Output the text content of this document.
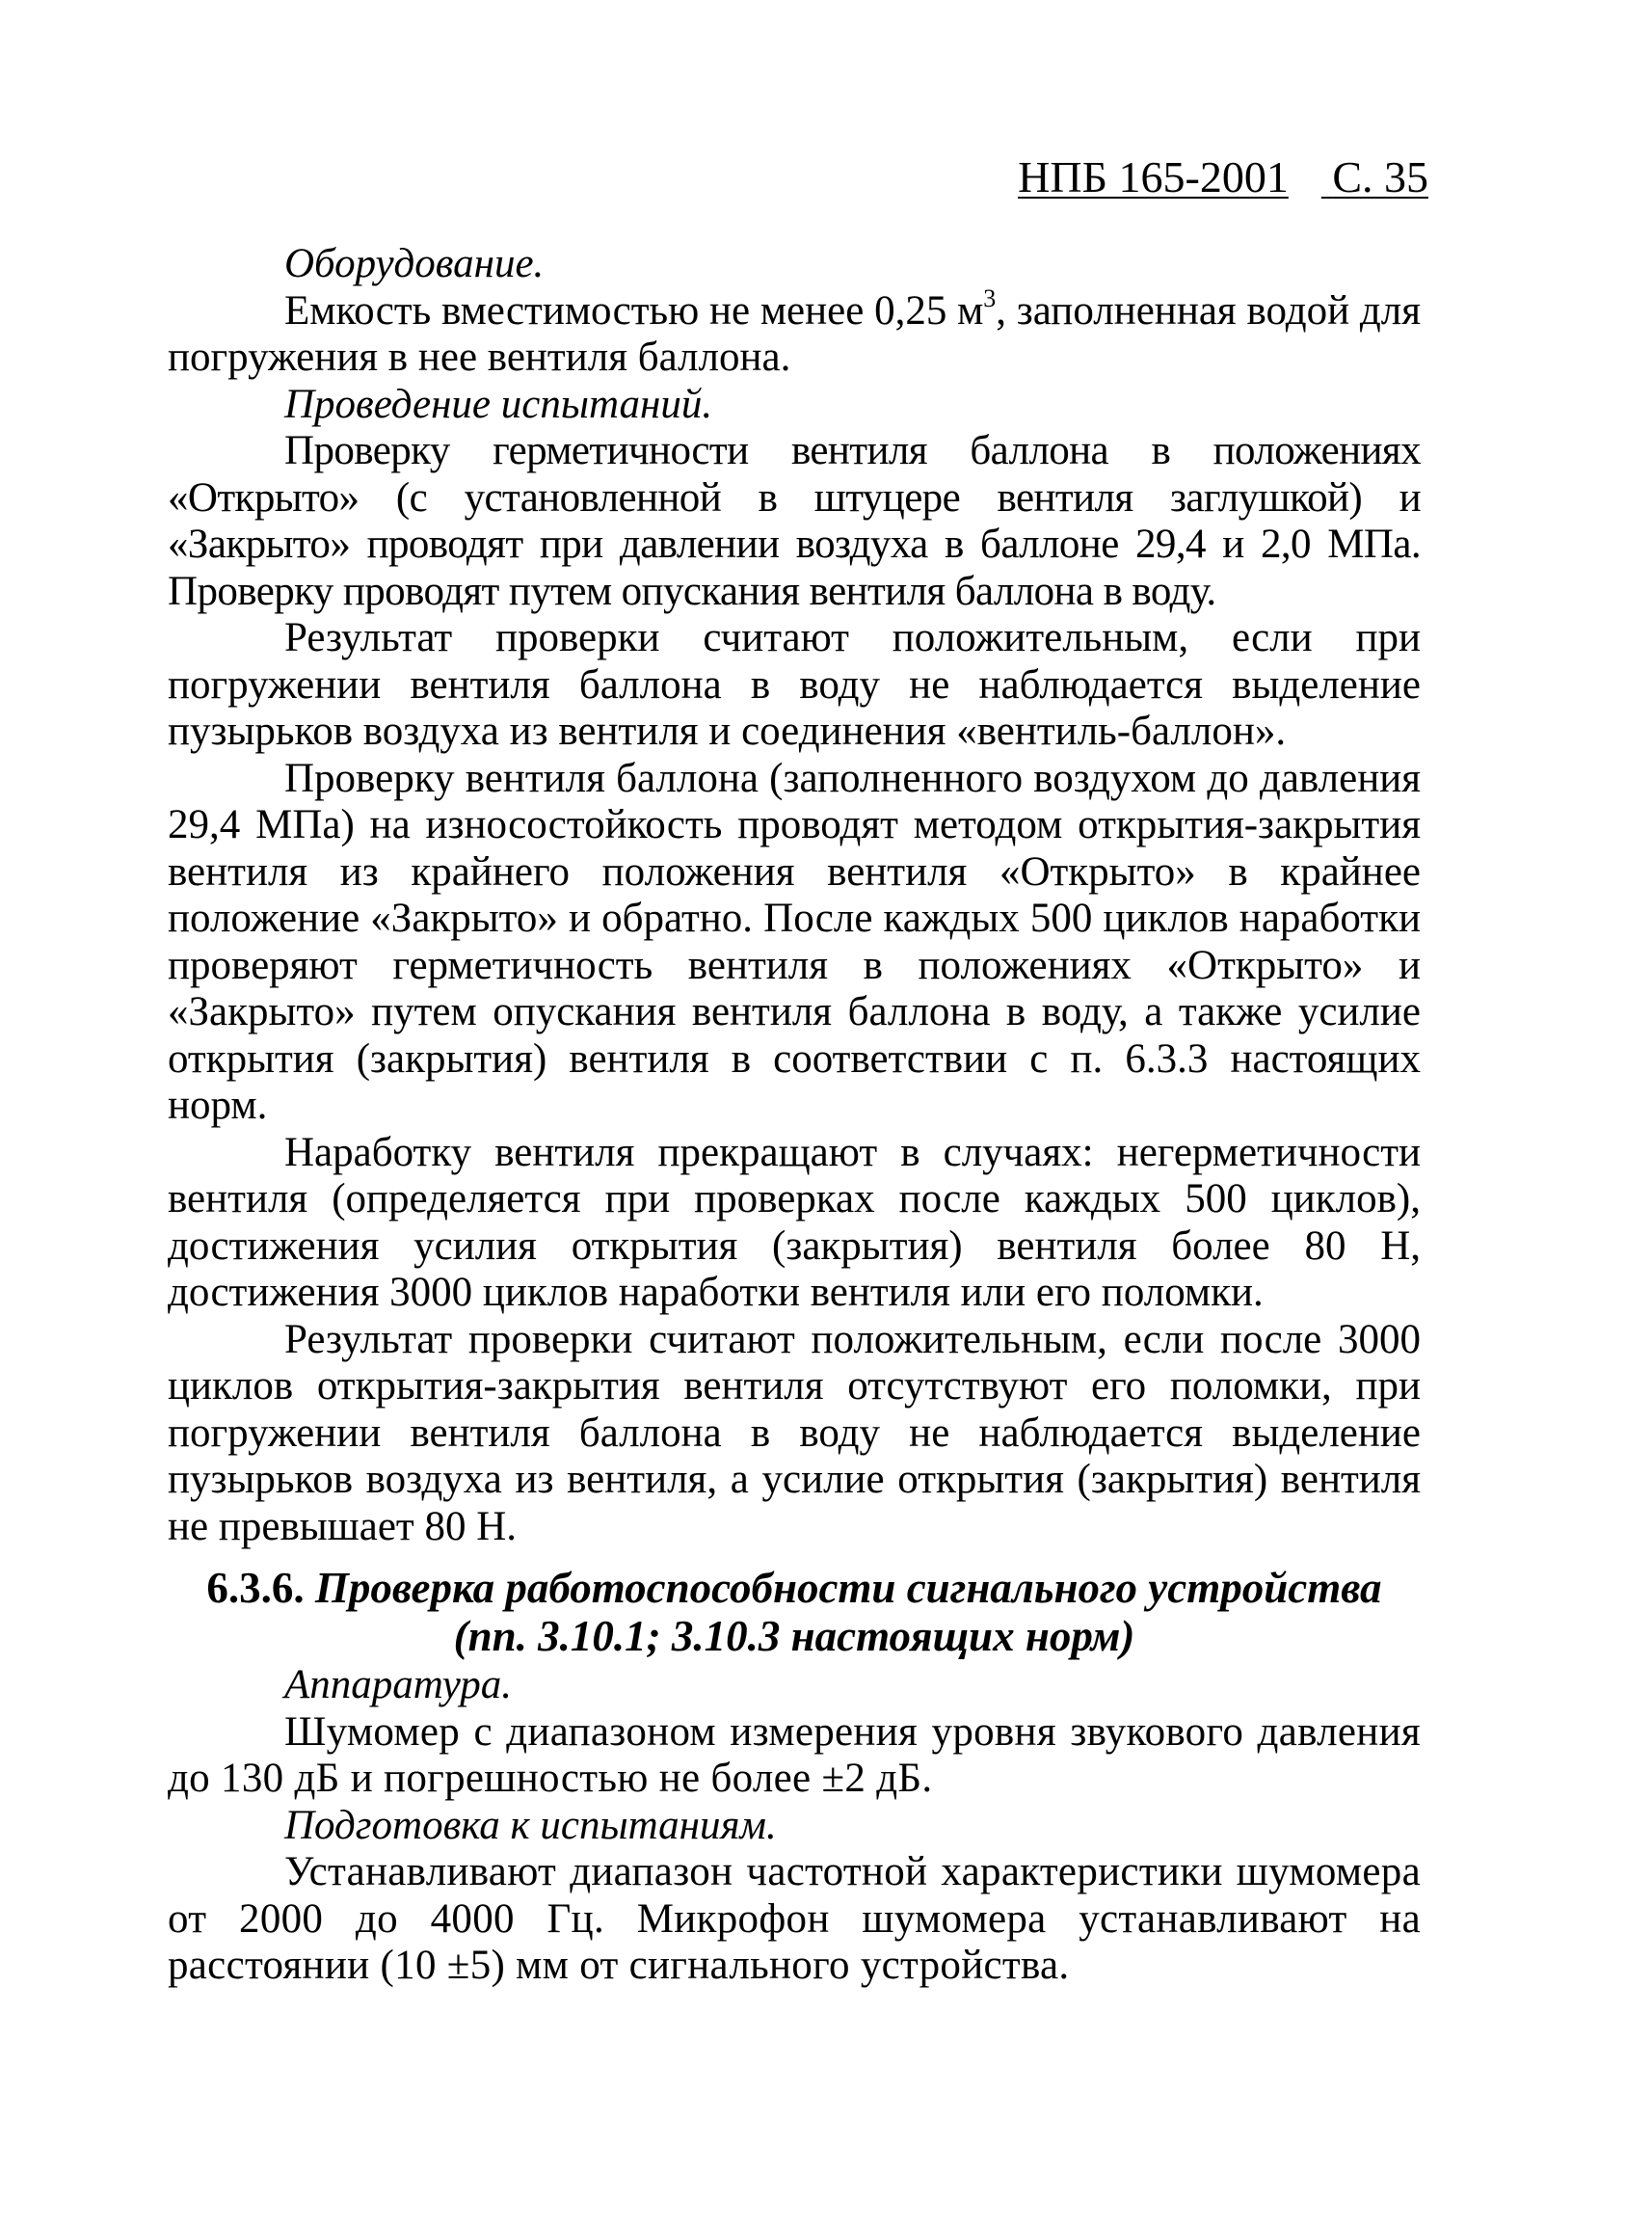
НПБ 165-2001 С. 35

Оборудование.

Емкость вместимостью не менее 0,25 $м^3$, заполненная водой для погружения в нее вентиля баллона.

Проведение испытаний.

Проверку герметичности вентиля баллона в положениях «Открыто» (с установленной в штуцере вентиля заглушкой) и «Закрыто» проводят при давлении воздуха в баллоне 29,4 и 2,0 МПа. Проверку проводят путем опускания вентиля баллона в воду.

Результат проверки считают положительным, если при погружении вентиля баллона в воду не наблюдается выделение пузырьков воздуха из вентиля и соединения «вентиль-баллон».

Проверку вентиля баллона (заполненного воздухом до давления 29,4 МПа) на износостойкость проводят методом открытия-закрытия вентиля из крайнего положения вентиля «Открыто» в крайнее положение «Закрыто» и обратно. После каждых 500 циклов наработки проверяют герметичность вентиля в положениях «Открыто» и «Закрыто» путем опускания вентиля баллона в воду, а также усилие открытия (закрытия) вентиля в соответствии с п. 6.3.3 настоящих норм.

Наработку вентиля прекращают в случаях: негерметичности вентиля (определяется при проверках после каждых 500 циклов), достижения усилия открытия (закрытия) вентиля более 80 Н, достижения 3000 циклов наработки вентиля или его поломки.

Результат проверки считают положительным, если после 3000 циклов открытия-закрытия вентиля отсутствуют его поломки, при погружении вентиля баллона в воду не наблюдается выделение пузырьков воздуха из вентиля, а усилие открытия (закрытия) вентиля не превышает 80 Н.

6.3.6. Проверка работоспособности сигнального устройства
(пп. 3.10.1; 3.10.3 настоящих норм)

Аппаратура.

Шумомер с диапазоном измерения уровня звукового давления до 130 дБ и погрешностью не более ±2 дБ.

Подготовка к испытаниям.

Устанавливают диапазон частотной характеристики шумомера от 2000 до 4000 Гц. Микрофон шумомера устанавливают на расстоянии (10 ±5) мм от сигнального устройства.
